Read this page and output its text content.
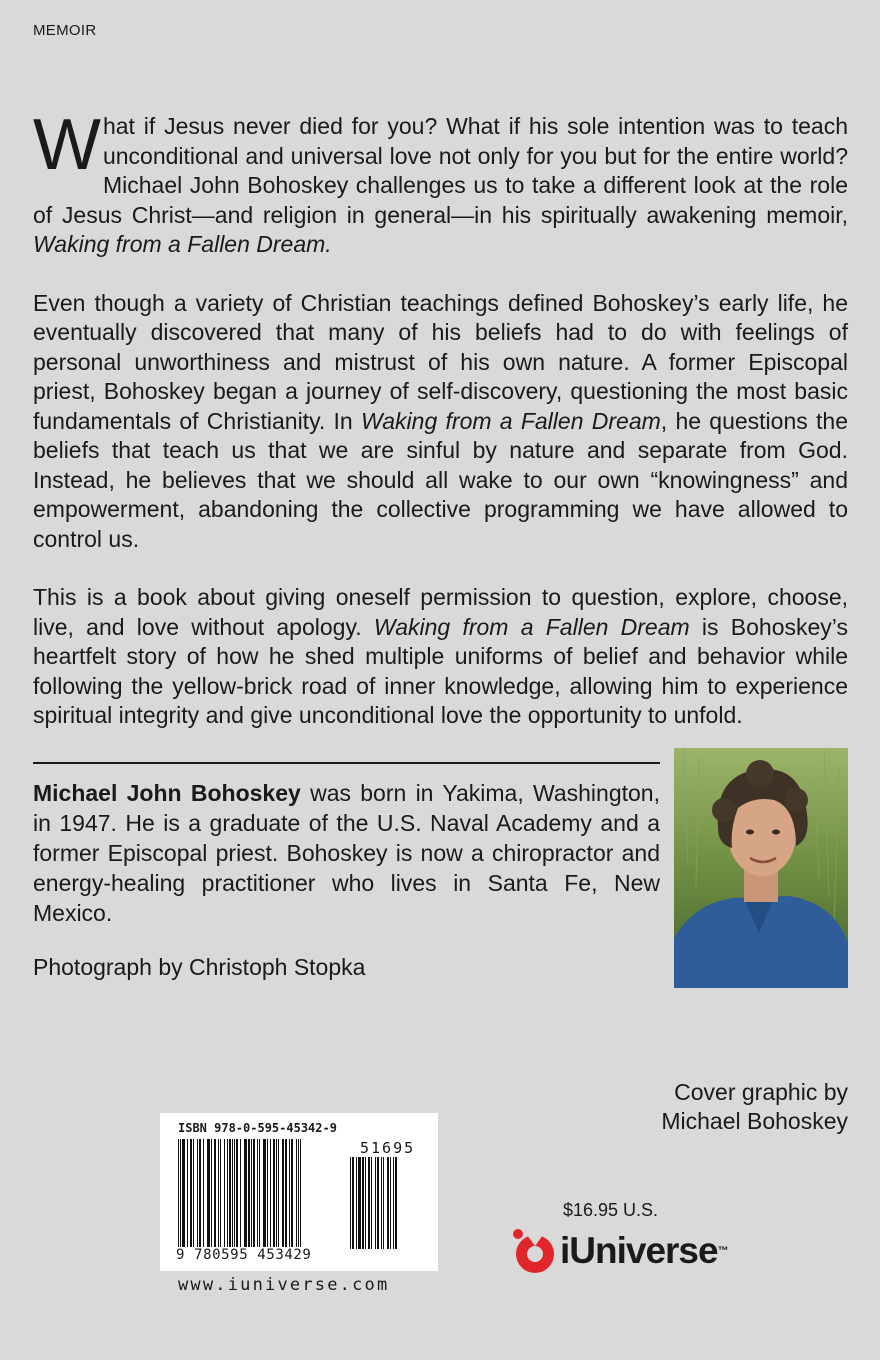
MEMOIR

What if Jesus never died for you? What if his sole intention was to teach unconditional and universal love not only for you but for the entire world? Michael John Bohoskey challenges us to take a different look at the role of Jesus Christ—and religion in general—in his spiritually awakening memoir, Waking from a Fallen Dream.

Even though a variety of Christian teachings defined Bohoskey’s early life, he eventually discovered that many of his beliefs had to do with feelings of personal unworthiness and mistrust of his own nature. A former Episcopal priest, Bohoskey began a journey of self-discovery, questioning the most basic fundamentals of Christianity. In Waking from a Fallen Dream, he questions the beliefs that teach us that we are sinful by nature and separate from God. Instead, he believes that we should all wake to our own “knowingness” and empowerment, abandoning the collective programming we have allowed to control us.

This is a book about giving oneself permission to question, explore, choose, live, and love without apology. Waking from a Fallen Dream is Bohoskey’s heartfelt story of how he shed multiple uniforms of belief and behavior while following the yellow-brick road of inner knowledge, allowing him to experience spiritual integrity and give unconditional love the opportunity to unfold.

Michael John Bohoskey was born in Yakima, Washington, in 1947. He is a graduate of the U.S. Naval Academy and a former Episcopal priest. Bohoskey is now a chiropractor and energy-healing practitioner who lives in Santa Fe, New Mexico.
Photograph by Christoph Stopka
Cover graphic by
Michael Bohoskey
ISBN 978-0-595-45342-9
51695
9 780595 453429
www.iuniverse.com
$16.95 U.S.
iUniverse ™
